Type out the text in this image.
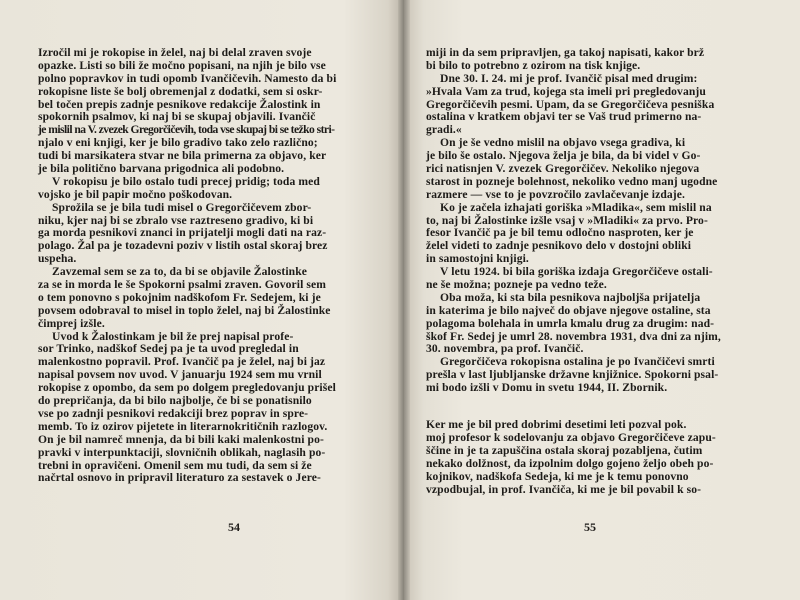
Izročil mi je rokopise in želel, naj bi delal zraven svoje
opazke. Listi so bili že močno popisani, na njih je bilo vse
polno popravkov in tudi opomb Ivančičevih. Namesto da bi
rokopisne liste še bolj obremenjal z dodatki, sem si oskr-
bel točen prepis zadnje pesnikove redakcije Žalostink in
spokornih psalmov, ki naj bi se skupaj objavili. Ivančič
je mislil na V. zvezek Gregorčičevih, toda vse skupaj bi se težko stri-
njalo v eni knjigi, ker je bilo gradivo tako zelo različno;
tudi bi marsikatera stvar ne bila primerna za objavo, ker
je bila politično barvana prigodnica ali podobno.
V rokopisu je bilo ostalo tudi precej pridig; toda med
vojsko je bil papir močno poškodovan.
Sprožila se je bila tudi misel o Gregorčičevem zbor-
niku, kjer naj bi se zbralo vse raztreseno gradivo, ki bi
ga morda pesnikovi znanci in prijatelji mogli dati na raz-
polago. Žal pa je tozadevni poziv v listih ostal skoraj brez
uspeha.
Zavzemal sem se za to, da bi se objavile Žalostinke
za se in morda le še Spokorni psalmi zraven. Govoril sem
o tem ponovno s pokojnim nadškofom Fr. Sedejem, ki je
povsem odobraval to misel in toplo želel, naj bi Žalostinke
čimprej izšle.
Uvod k Žalostinkam je bil že prej napisal profe-
sor Trinko, nadškof Sedej pa je ta uvod pregledal in
malenkostno popravil. Prof. Ivančič pa je želel, naj bi jaz
napisal povsem nov uvod. V januarju 1924 sem mu vrnil
rokopise z opombo, da sem po dolgem pregledovanju prišel
do prepričanja, da bi bilo najbolje, če bi se ponatisnilo
vse po zadnji pesnikovi redakciji brez poprav in spre-
memb. To iz ozirov pijetete in literarnokritičnih razlogov.
On je bil namreč mnenja, da bi bili kaki malenkostni po-
pravki v interpunktaciji, slovničnih oblikah, naglasih po-
trebni in opravičeni. Omenil sem mu tudi, da sem si že
načrtal osnovo in pripravil literaturo za sestavek o Jere-
54
miji in da sem pripravljen, ga takoj napisati, kakor brž
bi bilo to potrebno z ozirom na tisk knjige.
Dne 30. I. 24. mi je prof. Ivančič pisal med drugim:
»Hvala Vam za trud, kojega sta imeli pri pregledovanju
Gregorčičevih pesmi. Upam, da se Gregorčičeva pesniška
ostalina v kratkem objavi ter se Vaš trud primerno na-
gradi.«
On je še vedno mislil na objavo vsega gradiva, ki
je bilo še ostalo. Njegova želja je bila, da bi videl v Go-
rici natisnjen V. zvezek Gregorčičev. Nekoliko njegova
starost in pozneje bolehnost, nekoliko vedno manj ugodne
razmere — vse to je povzročilo zavlačevanje izdaje.
Ko je začela izhajati goriška »Mladika«, sem mislil na
to, naj bi Žalostinke izšle vsaj v »Mladiki« za prvo. Pro-
fesor Ivančič pa je bil temu odločno nasproten, ker je
želel videti to zadnje pesnikovo delo v dostojni obliki
in samostojni knjigi.
V letu 1924. bi bila goriška izdaja Gregorčičeve ostali-
ne še možna; pozneje pa vedno teže.
Oba moža, ki sta bila pesnikova najboljša prijatelja
in katerima je bilo največ do objave njegove ostaline, sta
polagoma bolehala in umrla kmalu drug za drugim: nad-
škof Fr. Sedej je umrl 28. novembra 1931, dva dni za njim,
30. novembra, pa prof. Ivančič.
Gregorčičeva rokopisna ostalina je po Ivančičevi smrti
prešla v last ljubljanske državne knjižnice. Spokorni psal-
mi bodo izšli v Domu in svetu 1944, II. Zbornik.
Ker me je bil pred dobrimi desetimi leti pozval pok.
moj profesor k sodelovanju za objavo Gregorčičeve zapu-
ščine in je ta zapuščina ostala skoraj pozabljena, čutim
nekako dolžnost, da izpolnim dolgo gojeno željo obeh po-
kojnikov, nadškofa Sedeja, ki me je k temu ponovno
vzpodbujal, in prof. Ivančiča, ki me je bil povabil k so-
55
